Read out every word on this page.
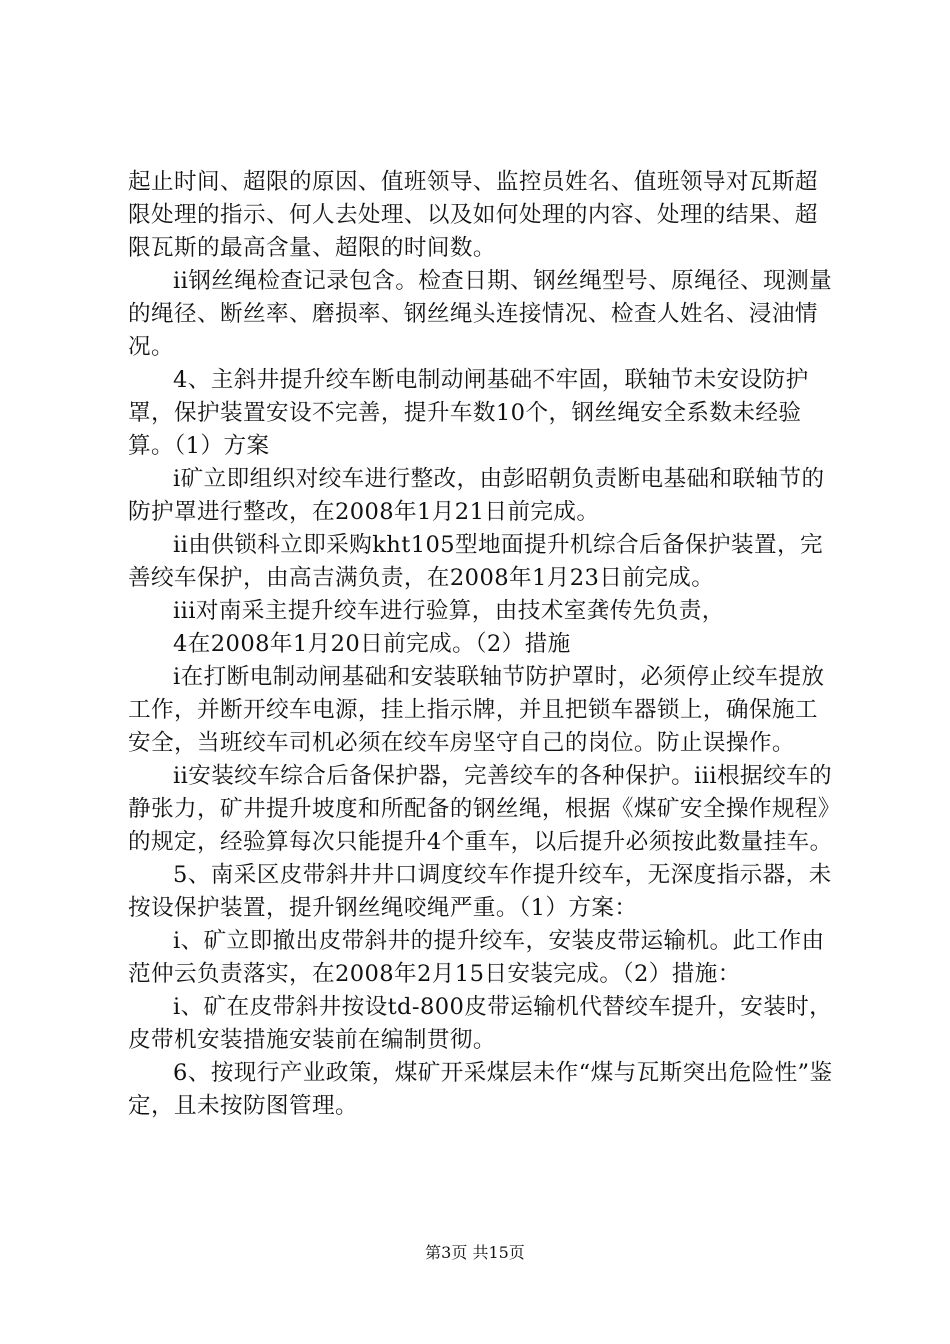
起止时间、超限的原因、值班领导、监控员姓名、值班领导对瓦斯超限处理的指示、何人去处理、以及如何处理的内容、处理的结果、超限瓦斯的最高含量、超限的时间数。

ii钢丝绳检查记录包含。检查日期、钢丝绳型号、原绳径、现测量的绳径、断丝率、磨损率、钢丝绳头连接情况、检查人姓名、浸油情况。

4、主斜井提升绞车断电制动闸基础不牢固，联轴节未安设防护罩，保护装置安设不完善，提升车数10个，钢丝绳安全系数未经验算。（1）方案

i矿立即组织对绞车进行整改，由彭昭朝负责断电基础和联轴节的防护罩进行整改，在2008年1月21日前完成。

ii由供锁科立即采购kht105型地面提升机综合后备保护装置，完善绞车保护，由高吉满负责，在2008年1月23日前完成。

iii对南采主提升绞车进行验算，由技术室龚传先负责，

4在2008年1月20日前完成。（2）措施

i在打断电制动闸基础和安装联轴节防护罩时，必须停止绞车提放工作，并断开绞车电源，挂上指示牌，并且把锁车器锁上，确保施工安全，当班绞车司机必须在绞车房坚守自己的岗位。防止误操作。

ii安装绞车综合后备保护器，完善绞车的各种保护。iii根据绞车的静张力，矿井提升坡度和所配备的钢丝绳，根据《煤矿安全操作规程》的规定，经验算每次只能提升4个重车，以后提升必须按此数量挂车。

5、南采区皮带斜井井口调度绞车作提升绞车，无深度指示器，未按设保护装置，提升钢丝绳咬绳严重。（1）方案：

ⅰ、矿立即撤出皮带斜井的提升绞车，安装皮带运输机。此工作由范仲云负责落实，在2008年2月15日安装完成。（2）措施：

ⅰ、矿在皮带斜井按设td-800皮带运输机代替绞车提升，安装时，皮带机安装措施安装前在编制贯彻。

6、按现行产业政策，煤矿开采煤层未作“煤与瓦斯突出危险性”鉴定，且未按防图管理。

第3页 共15页
